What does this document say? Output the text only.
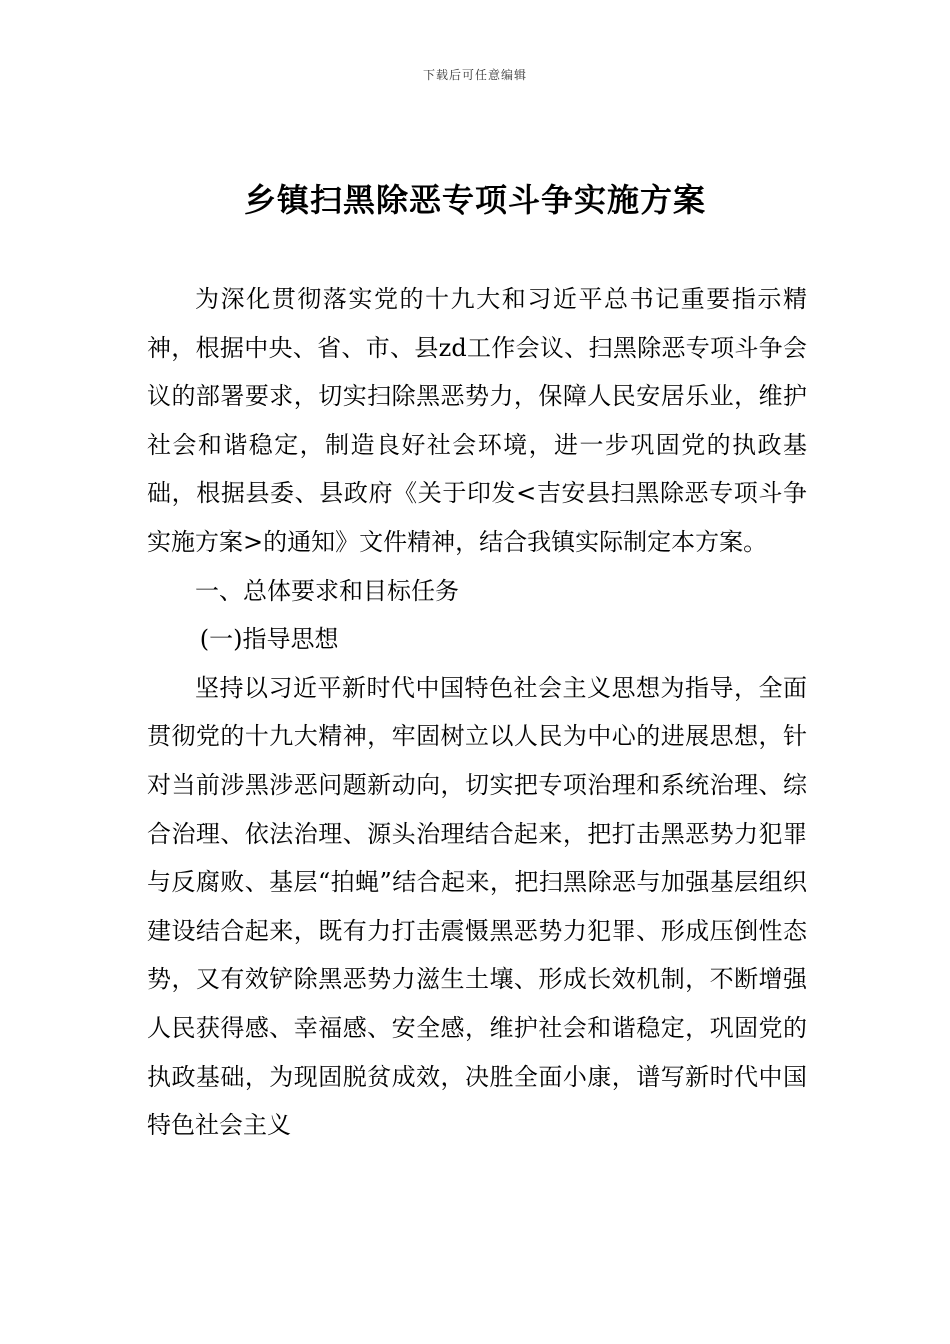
下载后可任意编辑
乡镇扫黑除恶专项斗争实施方案

为深化贯彻落实党的十九大和习近平总书记重要指示精神，根据中央、省、市、县zd工作会议、扫黑除恶专项斗争会议的部署要求，切实扫除黑恶势力，保障人民安居乐业，维护社会和谐稳定，制造良好社会环境，进一步巩固党的执政基础，根据县委、县政府《关于印发<吉安县扫黑除恶专项斗争实施方案>的通知》文件精神，结合我镇实际制定本方案。

一、总体要求和目标任务

(一)指导思想

坚持以习近平新时代中国特色社会主义思想为指导，全面贯彻党的十九大精神，牢固树立以人民为中心的进展思想，针对当前涉黑涉恶问题新动向，切实把专项治理和系统治理、综合治理、依法治理、源头治理结合起来，把打击黑恶势力犯罪与反腐败、基层“拍蝇”结合起来，把扫黑除恶与加强基层组织建设结合起来，既有力打击震慑黑恶势力犯罪、形成压倒性态势，又有效铲除黑恶势力滋生土壤、形成长效机制，不断增强人民获得感、幸福感、安全感，维护社会和谐稳定，巩固党的执政基础，为现固脱贫成效，决胜全面小康，谱写新时代中国特色社会主义
